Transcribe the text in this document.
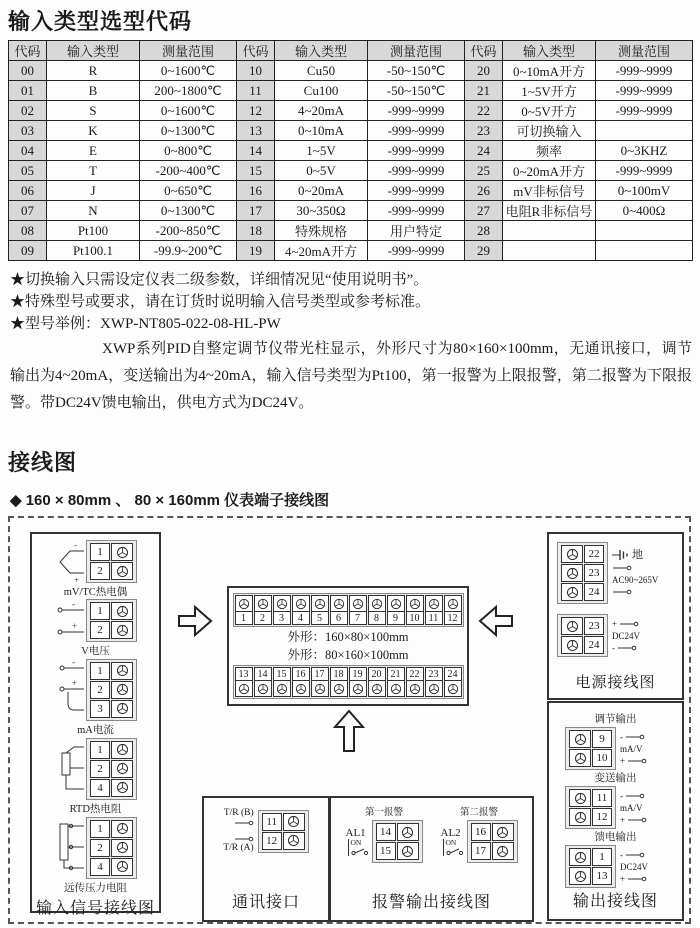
输入类型选型代码
代码	输入类型	测量范围	代码	输入类型	测量范围	代码	输入类型	测量范围
00	R	0~1600℃	10	Cu50	-50~150℃	20	0~10mA开方	-999~9999
01	B	200~1800℃	11	Cu100	-50~150℃	21	1~5V开方	-999~9999
02	S	0~1600℃	12	4~20mA	-999~9999	22	0~5V开方	-999~9999
03	K	0~1300℃	13	0~10mA	-999~9999	23	可切换输入	
04	E	0~800℃	14	1~5V	-999~9999	24	频率	0~3KHZ
05	T	-200~400℃	15	0~5V	-999~9999	25	0~20mA开方	-999~9999
06	J	0~650℃	16	0~20mA	-999~9999	26	mV非标信号	0~100mV
07	N	0~1300℃	17	30~350Ω	-999~9999	27	电阻R非标信号	0~400Ω
08	Pt100	-200~850℃	18	特殊规格	用户特定	28		
09	Pt100.1	-99.9~200℃	19	4~20mA开方	-999~9999	29		
★切换输入只需设定仪表二级参数，详细情况见“使用说明书”。
★特殊型号或要求，请在订货时说明输入信号类型或参考标准。
★型号举例：XWP-NT805-022-08-HL-PW
XWP系列PID自整定调节仪带光柱显示，外形尺寸为80×160×100mm，无通讯接口，调节输出为4~20mA，变送输出为4~20mA，输入信号类型为Pt100，第一报警为上限报警，第二报警为下限报警。带DC24V馈电输出，供电方式为DC24V。
接线图
◆ 160 × 80mm 、 80 × 160mm 仪表端子接线图
-
+
1
2
mV/TC热电偶
-
+
1
2
V电压
-
+
1
2
3
mA电流
1
2
4
RTD热电阻
1
2
4
远传压力电阻
输入信号接线图
1	2	3	4	5	6	7	8	9	10 11 12
外形：160×80×100mm
外形：80×160×100mm
13 14 15 16 17 18 19 20 21 22 23 24
T/R (B)
T/R (A)
11
12
通讯接口
第一报警
AL1
ON
14
15
第二报警
AL2
ON
16
17
报警输出接线图
22
23
24
地
AC90~265V
23
24
+
DC24V
-
电源接线图
调节输出
9
10
-
mA/V
+
变送输出
11
12
-
mA/V
+
馈电输出
1
13
-
DC24V
+
输出接线图
